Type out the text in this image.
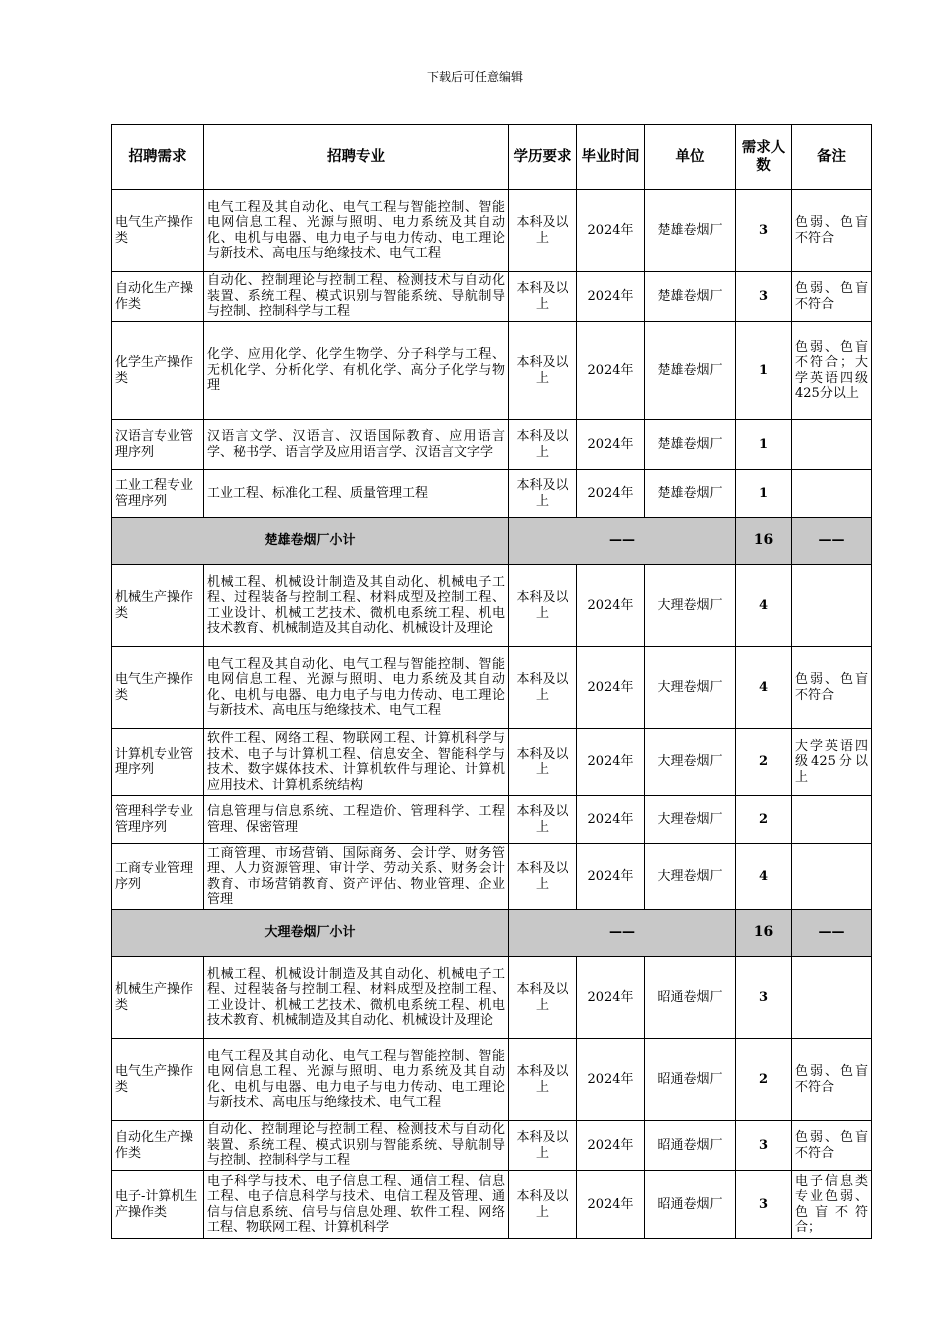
下载后可任意编辑
招聘需求	招聘专业	学历要求	毕业时间	单位	需求人数	备注
电气生产操作类	电气工程及其自动化、电气工程与智能控制、智能电网信息工程、光源与照明、电力系统及其自动化、电机与电器、电力电子与电力传动、电工理论与新技术、高电压与绝缘技术、电气工程	本科及以上	2024年	楚雄卷烟厂	3	色弱、色盲不符合
自动化生产操作类	自动化、控制理论与控制工程、检测技术与自动化装置、系统工程、模式识别与智能系统、导航制导与控制、控制科学与工程	本科及以上	2024年	楚雄卷烟厂	3	色弱、色盲不符合
化学生产操作类	化学、应用化学、化学生物学、分子科学与工程、无机化学、分析化学、有机化学、高分子化学与物理	本科及以上	2024年	楚雄卷烟厂	1	色弱、色盲不符合；大学英语四级425分以上
汉语言专业管理序列	汉语言文学、汉语言、汉语国际教育、应用语言学、秘书学、语言学及应用语言学、汉语言文字学	本科及以上	2024年	楚雄卷烟厂	1	
工业工程专业管理序列	工业工程、标准化工程、质量管理工程	本科及以上	2024年	楚雄卷烟厂	1	
楚雄卷烟厂小计		——			16	——
机械生产操作类	机械工程、机械设计制造及其自动化、机械电子工程、过程装备与控制工程、材料成型及控制工程、工业设计、机械工艺技术、微机电系统工程、机电技术教育、机械制造及其自动化、机械设计及理论	本科及以上	2024年	大理卷烟厂	4	
电气生产操作类	电气工程及其自动化、电气工程与智能控制、智能电网信息工程、光源与照明、电力系统及其自动化、电机与电器、电力电子与电力传动、电工理论与新技术、高电压与绝缘技术、电气工程	本科及以上	2024年	大理卷烟厂	4	色弱、色盲不符合
计算机专业管理序列	软件工程、网络工程、物联网工程、计算机科学与技术、电子与计算机工程、信息安全、智能科学与技术、数字媒体技术、计算机软件与理论、计算机应用技术、计算机系统结构	本科及以上	2024年	大理卷烟厂	2	大学英语四级425分以上
管理科学专业管理序列	信息管理与信息系统、工程造价、管理科学、工程管理、保密管理	本科及以上	2024年	大理卷烟厂	2	
工商专业管理序列	工商管理、市场营销、国际商务、会计学、财务管理、人力资源管理、审计学、劳动关系、财务会计教育、市场营销教育、资产评估、物业管理、企业管理	本科及以上	2024年	大理卷烟厂	4	
大理卷烟厂小计		——			16	——
机械生产操作类	机械工程、机械设计制造及其自动化、机械电子工程、过程装备与控制工程、材料成型及控制工程、工业设计、机械工艺技术、微机电系统工程、机电技术教育、机械制造及其自动化、机械设计及理论	本科及以上	2024年	昭通卷烟厂	3	
电气生产操作类	电气工程及其自动化、电气工程与智能控制、智能电网信息工程、光源与照明、电力系统及其自动化、电机与电器、电力电子与电力传动、电工理论与新技术、高电压与绝缘技术、电气工程	本科及以上	2024年	昭通卷烟厂	2	色弱、色盲不符合
自动化生产操作类	自动化、控制理论与控制工程、检测技术与自动化装置、系统工程、模式识别与智能系统、导航制导与控制、控制科学与工程	本科及以上	2024年	昭通卷烟厂	3	色弱、色盲不符合
电子-计算机生产操作类	电子科学与技术、电子信息工程、通信工程、信息工程、电子信息科学与技术、电信工程及管理、通信与信息系统、信号与信息处理、软件工程、网络工程、物联网工程、计算机科学	本科及以上	2024年	昭通卷烟厂	3	电子信息类专业色弱、色盲不符合；
